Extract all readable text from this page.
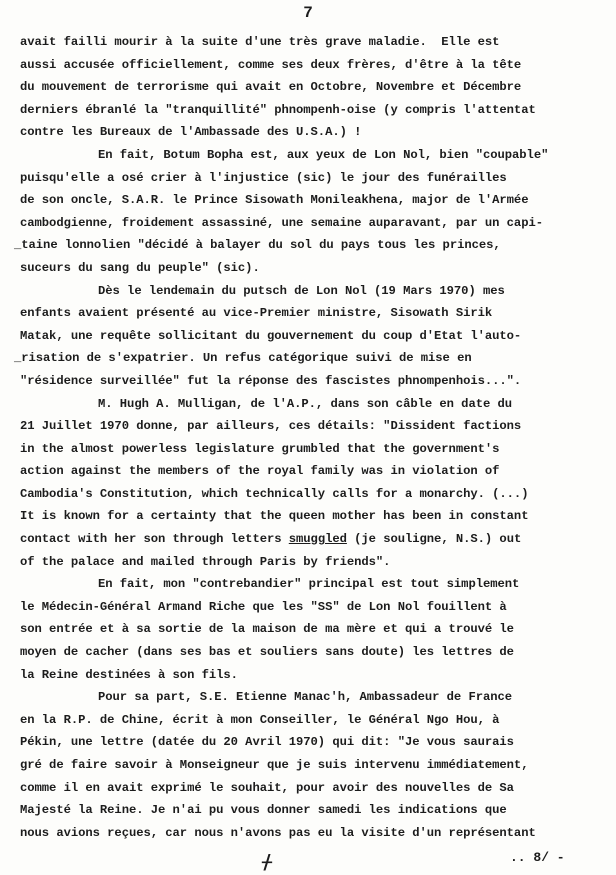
7
avait failli mourir à la suite d'une très grave maladie.  Elle est
aussi accusée officiellement, comme ses deux frères, d'être à la tête
du mouvement de terrorisme qui avait en Octobre, Novembre et Décembre
derniers ébranlé la "tranquillité" phnompenh-oise (y compris l'attentat
contre les Bureaux de l'Ambassade des U.S.A.) !
En fait, Botum Bopha est, aux yeux de Lon Nol, bien "coupable"
puisqu'elle a osé crier à l'injustice (sic) le jour des funérailles
de son oncle, S.A.R. le Prince Sisowath Monileakhena, major de l'Armée
cambodgienne, froidement assassiné, une semaine auparavant, par un capi-
_taine lonnolien "décidé à balayer du sol du pays tous les princes,
suceurs du sang du peuple" (sic).
Dès le lendemain du putsch de Lon Nol (19 Mars 1970) mes
enfants avaient présenté au vice-Premier ministre, Sisowath Sirik
Matak, une requête sollicitant du gouvernement du coup d'Etat l'auto-
_risation de s'expatrier. Un refus catégorique suivi de mise en
"résidence surveillée" fut la réponse des fascistes phnompenhois...".
M. Hugh A. Mulligan, de l'A.P., dans son câble en date du
21 Juillet 1970 donne, par ailleurs, ces détails: "Dissident factions
in the almost powerless legislature grumbled that the government's
action against the members of the royal family was in violation of
Cambodia's Constitution, which technically calls for a monarchy. (...)
It is known for a certainty that the queen mother has been in constant
contact with her son through letters smuggled (je souligne, N.S.) out
of the palace and mailed through Paris by friends".
En fait, mon "contrebandier" principal est tout simplement
le Médecin-Général Armand Riche que les "SS" de Lon Nol fouillent à
son entrée et à sa sortie de la maison de ma mère et qui a trouvé le
moyen de cacher (dans ses bas et souliers sans doute) les lettres de
la Reine destinées à son fils.
Pour sa part, S.E. Etienne Manac'h, Ambassadeur de France
en la R.P. de Chine, écrit à mon Conseiller, le Général Ngo Hou, à
Pékin, une lettre (datée du 20 Avril 1970) qui dit: "Je vous saurais
gré de faire savoir à Monseigneur que je suis intervenu immédiatement,
comme il en avait exprimé le souhait, pour avoir des nouvelles de Sa
Majesté la Reine. Je n'ai pu vous donner samedi les indications que
nous avions reçues, car nous n'avons pas eu la visite d'un représentant
ᚋ	.. 8/ -
